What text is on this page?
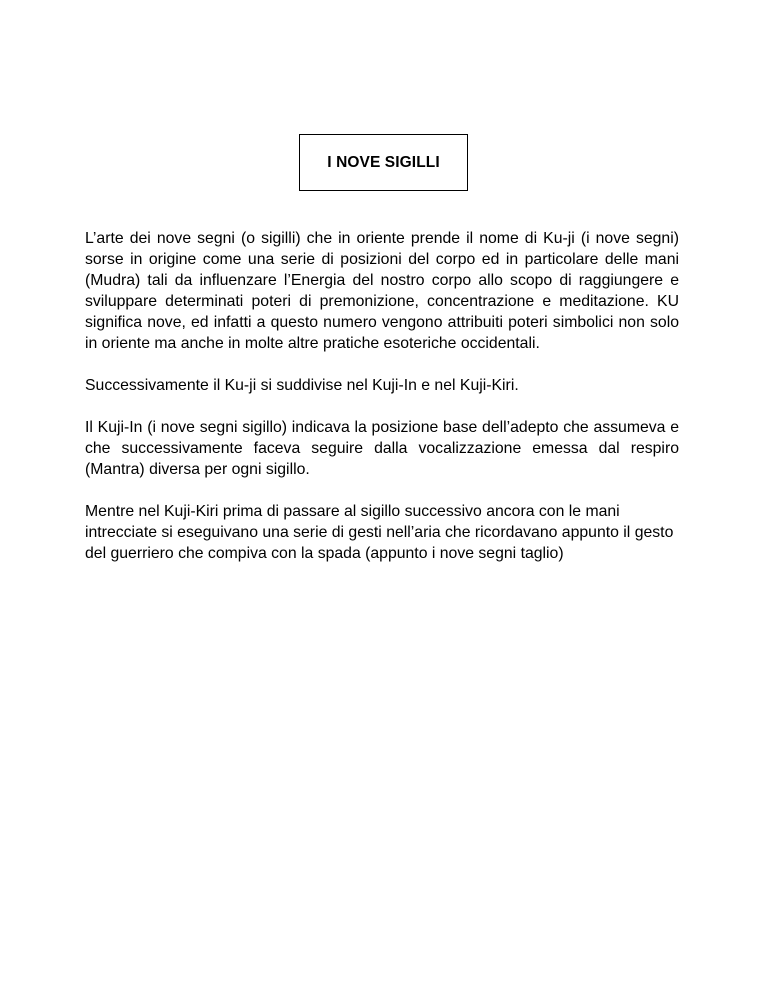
I NOVE SIGILLI

L’arte dei nove segni (o sigilli) che in oriente prende il nome di Ku-ji (i nove segni) sorse in origine come una serie di posizioni del corpo ed in particolare delle mani (Mudra) tali da influenzare l’Energia del nostro corpo allo scopo di raggiungere e sviluppare determinati poteri di premonizione, concentrazione e meditazione. KU significa nove, ed infatti a questo numero vengono attribuiti poteri simbolici non solo in oriente ma anche in molte altre pratiche esoteriche occidentali.

Successivamente il Ku-ji si suddivise nel Kuji-In e nel Kuji-Kiri.

Il Kuji-In (i nove segni sigillo) indicava la posizione base dell’adepto che assumeva e che successivamente faceva seguire dalla vocalizzazione emessa dal respiro (Mantra) diversa per ogni sigillo.

Mentre nel Kuji-Kiri prima di passare al sigillo successivo ancora con le mani intrecciate si eseguivano una serie di gesti nell’aria che ricordavano appunto il gesto del guerriero che compiva con la spada (appunto i nove segni taglio)
